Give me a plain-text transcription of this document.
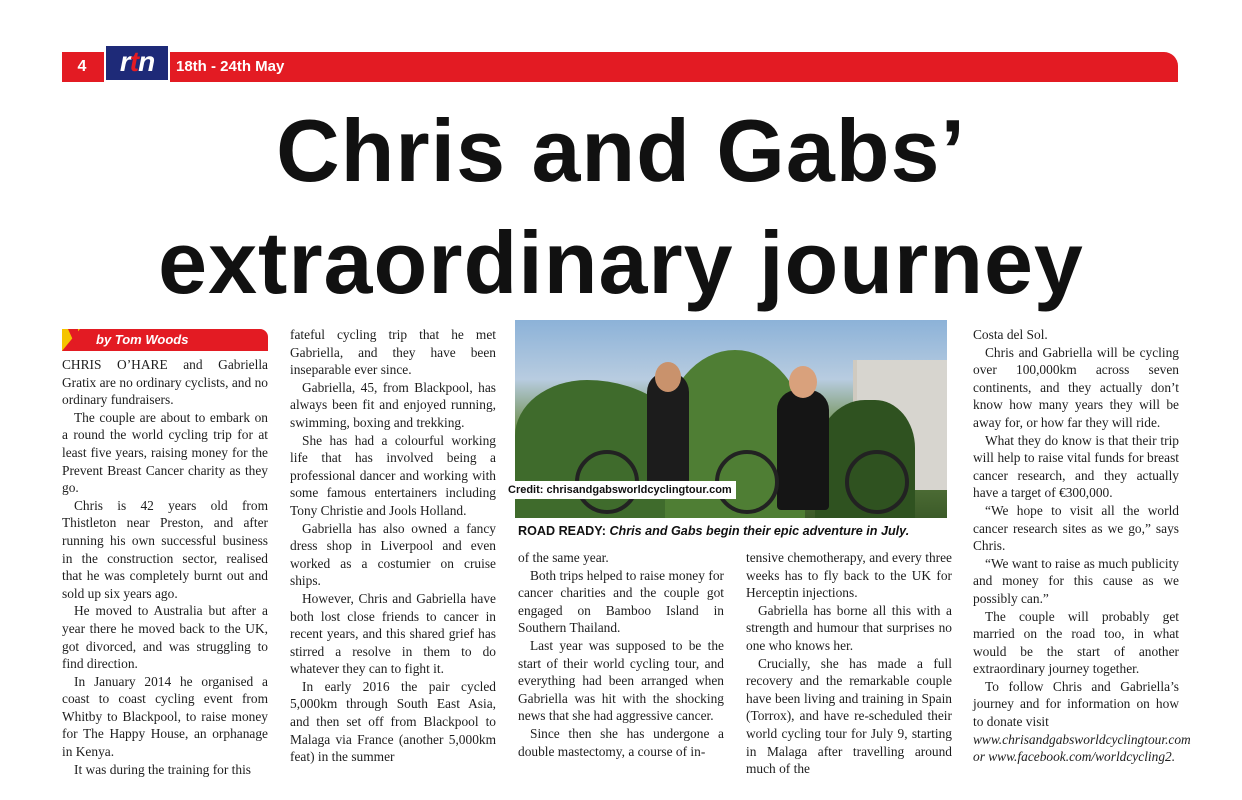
4	rtn	18th - 24th May
Chris and Gabs’
extraordinary journey
by Tom Woods

CHRIS O’HARE and Gabriella Gratix are no ordinary cyclists, and no ordinary fundraisers.

The couple are about to embark on a round the world cycling trip for at least five years, raising money for the Prevent Breast Cancer charity as they go.

Chris is 42 years old from Thistleton near Preston, and after running his own successful business in the construction sector, realised that he was completely burnt out and sold up six years ago.

He moved to Australia but after a year there he moved back to the UK, got divorced, and was struggling to find direction.

In January 2014 he organised a coast to coast cycling event from Whitby to Blackpool, to raise money for The Happy House, an orphanage in Kenya.

It was during the training for this

fateful cycling trip that he met Gabriella, and they have been inseparable ever since.

Gabriella, 45, from Blackpool, has always been fit and enjoyed running, swimming, boxing and trekking.

She has had a colourful working life that has involved being a professional dancer and working with some famous entertainers including Tony Christie and Jools Holland.

Gabriella has also owned a fancy dress shop in Liverpool and even worked as a costumier on cruise ships.

However, Chris and Gabriella have both lost close friends to cancer in recent years, and this shared grief has stirred a resolve in them to do whatever they can to fight it.

In early 2016 the pair cycled 5,000km through South East Asia, and then set off from Blackpool to Malaga via France (another 5,000km feat) in the summer

Credit: chrisandgabsworldcyclingtour.com
ROAD READY: Chris and Gabs begin their epic adventure in July.

of the same year.

Both trips helped to raise money for cancer charities and the couple got engaged on Bamboo Island in Southern Thailand.

Last year was supposed to be the start of their world cycling tour, and everything had been arranged when Gabriella was hit with the shocking news that she had aggressive cancer.

Since then she has undergone a double mastectomy, a course of in-

tensive chemotherapy, and every three weeks has to fly back to the UK for Herceptin injections.

Gabriella has borne all this with a strength and humour that surprises no one who knows her.

Crucially, she has made a full recovery and the remarkable couple have been living and training in Spain (Torrox), and have re-scheduled their world cycling tour for July 9, starting in Malaga after travelling around much of the

Costa del Sol.

Chris and Gabriella will be cycling over 100,000km across seven continents, and they actually don’t know how many years they will be away for, or how far they will ride.

What they do know is that their trip will help to raise vital funds for breast cancer research, and they actually have a target of €300,000.

“We hope to visit all the world cancer research sites as we go,” says Chris.

“We want to raise as much publicity and money for this cause as we possibly can.”

The couple will probably get married on the road too, in what would be the start of another extraordinary journey together.

To follow Chris and Gabriella’s journey and for information on how to donate visit

www.chrisandgabsworldcyclingtour.com or www.facebook.com/worldcycling2.
